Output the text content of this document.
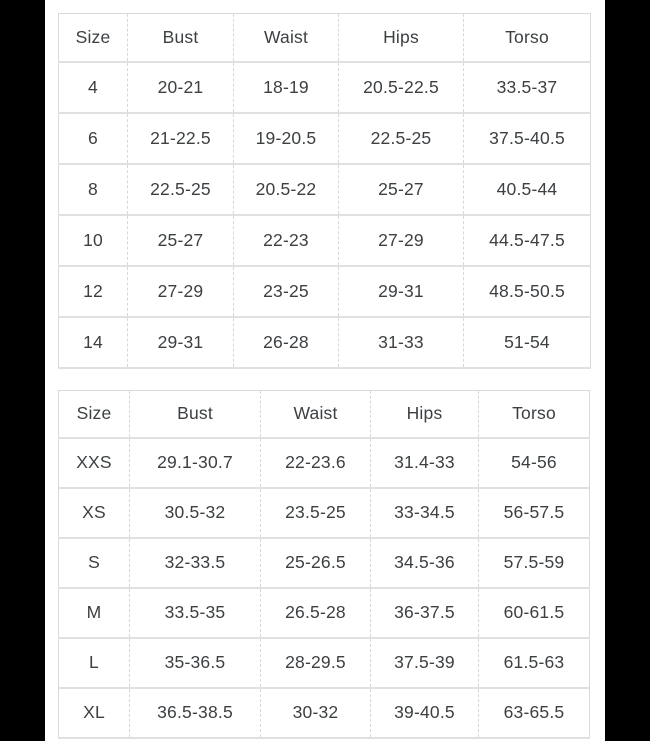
Size	Bust	Waist	Hips	Torso
4	20-21	18-19	20.5-22.5	33.5-37
6	21-22.5	19-20.5	22.5-25	37.5-40.5
8	22.5-25	20.5-22	25-27	40.5-44
10	25-27	22-23	27-29	44.5-47.5
12	27-29	23-25	29-31	48.5-50.5
14	29-31	26-28	31-33	51-54
Size	Bust	Waist	Hips	Torso
XXS	29.1-30.7	22-23.6	31.4-33	54-56
XS	30.5-32	23.5-25	33-34.5	56-57.5
S	32-33.5	25-26.5	34.5-36	57.5-59
M	33.5-35	26.5-28	36-37.5	60-61.5
L	35-36.5	28-29.5	37.5-39	61.5-63
XL	36.5-38.5	30-32	39-40.5	63-65.5
